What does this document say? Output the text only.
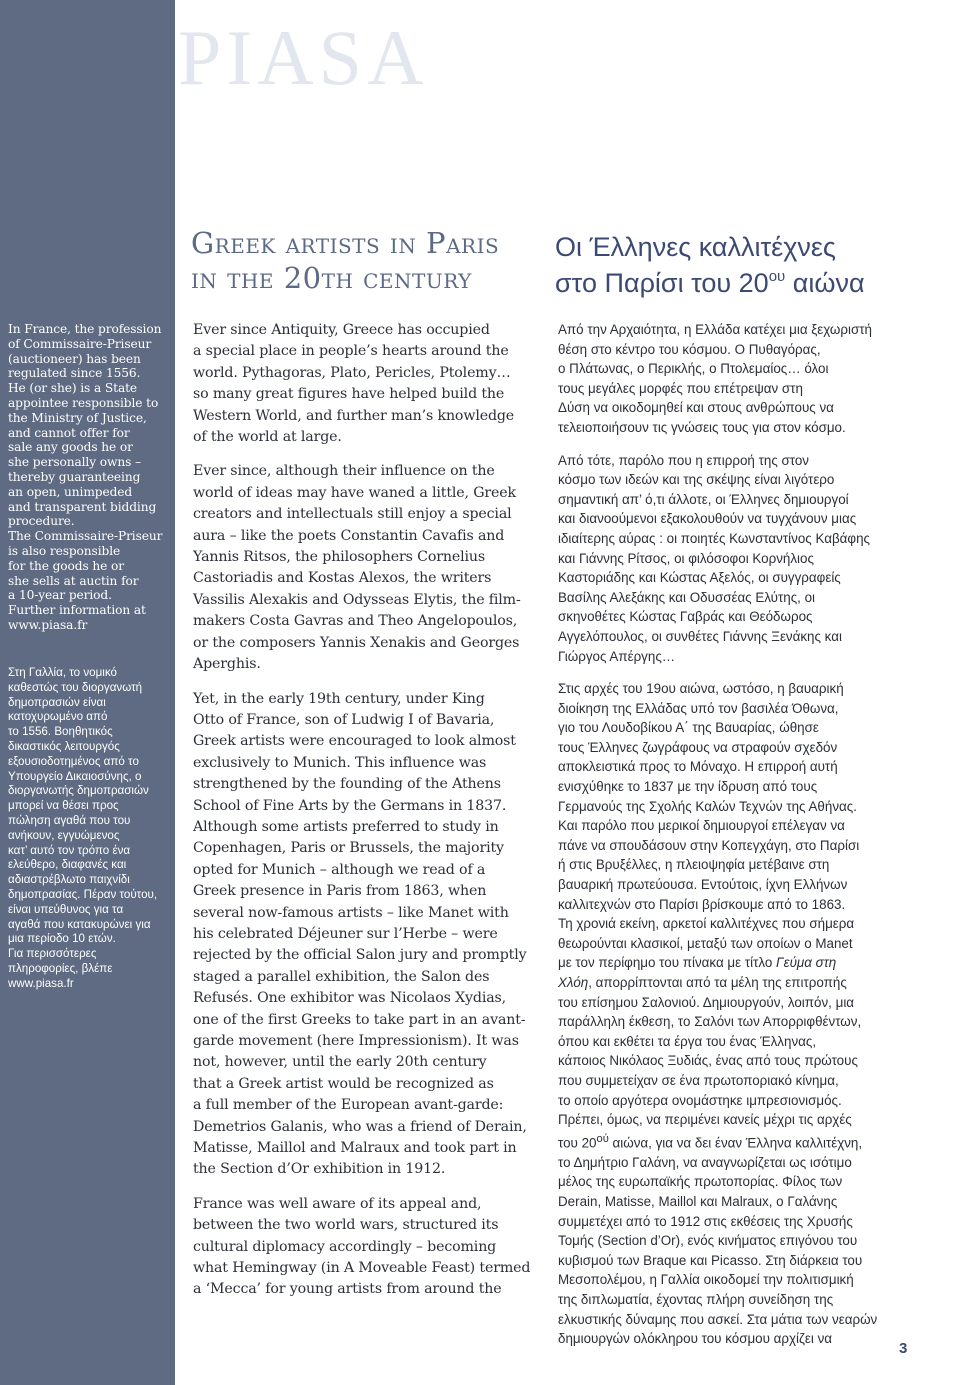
PIASA

In France, the profession
of Commissaire-Priseur
(auctioneer) has been
regulated since 1556.
He (or she) is a State
appointee responsible to
the Ministry of Justice,
and cannot offer for
sale any goods he or
she personally owns –
thereby guaranteeing
an open, unimpeded
and transparent bidding
procedure.
The Commissaire-Priseur
is also responsible
for the goods he or
she sells at auctin for
a 10-year period.
Further information at
www.piasa.fr

Στη Γαλλία, το νομικό
καθεστώς του διοργανωτή
δημοπρασιών είναι
κατοχυρωμένο από
το 1556. Βοηθητικός
δικαστικός λειτουργός
εξουσιοδοτημένος από το
Υπουργείο Δικαιοσύνης, ο
διοργανωτής δημοπρασιών
μπορεί να θέσει προς
πώληση αγαθά που του
ανήκουν, εγγυώμενος
κατ’ αυτό τον τρόπο ένα
ελεύθερο, διαφανές και
αδιαστρέβλωτο παιχνίδι
δημοπρασίας. Πέραν τούτου,
είναι υπεύθυνος για τα
αγαθά που κατακυρώνει για
μια περίοδο 10 ετών.
Για περισσότερες
πληροφορίες, βλέπε
www.piasa.fr

Greek artists in Paris
in the 20th century
Οι Έλληνες καλλιτέχνες
στο Παρίσι του $20^{o\upsilon}$ αιώνα

Ever since Antiquity, Greece has occupied
a special place in people’s hearts around the
world. Pythagoras, Plato, Pericles, Ptolemy…
so many great figures have helped build the
Western World, and further man’s knowledge
of the world at large.

Ever since, although their influence on the
world of ideas may have waned a little, Greek
creators and intellectuals still enjoy a special
aura – like the poets Constantin Cavafis and
Yannis Ritsos, the philosophers Cornelius
Castoriadis and Kostas Alexos, the writers
Vassilis Alexakis and Odysseas Elytis, the film-
makers Costa Gavras and Theo Angelopoulos,
or the composers Yannis Xenakis and Georges
Aperghis.

Yet, in the early 19th century, under King
Otto of France, son of Ludwig I of Bavaria,
Greek artists were encouraged to look almost
exclusively to Munich. This influence was
strengthened by the founding of the Athens
School of Fine Arts by the Germans in 1837.
Although some artists preferred to study in
Copenhagen, Paris or Brussels, the majority
opted for Munich – although we read of a
Greek presence in Paris from 1863, when
several now-famous artists – like Manet with
his celebrated Déjeuner sur l’Herbe – were
rejected by the official Salon jury and promptly
staged a parallel exhibition, the Salon des
Refusés. One exhibitor was Nicolaos Xydias,
one of the first Greeks to take part in an avant-
garde movement (here Impressionism). It was
not, however, until the early 20th century
that a Greek artist would be recognized as
a full member of the European avant-garde:
Demetrios Galanis, who was a friend of Derain,
Matisse, Maillol and Malraux and took part in
the Section d’Or exhibition in 1912.

France was well aware of its appeal and,
between the two world wars, structured its
cultural diplomacy accordingly – becoming
what Hemingway (in A Moveable Feast) termed
a ‘Mecca’ for young artists from around the

Από την Αρχαιότητα, η Ελλάδα κατέχει μια ξεχωριστή
θέση στο κέντρο του κόσμου. Ο Πυθαγόρας,
ο Πλάτωνας, ο Περικλής, ο Πτολεμαίος… όλοι
τους μεγάλες μορφές που επέτρεψαν στη
Δύση να οικοδομηθεί και στους ανθρώπους να
τελειοποιήσουν τις γνώσεις τους για στον κόσμο.

Από τότε, παρόλο που η επιρροή της στον
κόσμο των ιδεών και της σκέψης είναι λιγότερο
σημαντική απ’ ό,τι άλλοτε, οι Έλληνες δημιουργοί
και διανοούμενοι εξακολουθούν να τυγχάνουν μιας
ιδιαίτερης αύρας : οι ποιητές Κωνσταντίνος Καβάφης
και Γιάννης Ρίτσος, οι φιλόσοφοι Κορνήλιος
Καστοριάδης και Κώστας Αξελός, οι συγγραφείς
Βασίλης Αλεξάκης και Οδυσσέας Ελύτης, οι
σκηνοθέτες Κώστας Γαβράς και Θεόδωρος
Αγγελόπουλος, οι συνθέτες Γιάννης Ξενάκης και
Γιώργος Απέργης…

Στις αρχές του 19ου αιώνα, ωστόσο, η βαυαρική
διοίκηση της Ελλάδας υπό τον βασιλέα Όθωνα,
γιο του Λουδοβίκου Α΄ της Βαυαρίας, ώθησε
τους Έλληνες ζωγράφους να στραφούν σχεδόν
αποκλειστικά προς το Μόναχο. Η επιρροή αυτή
ενισχύθηκε το 1837 με την ίδρυση από τους
Γερμανούς της Σχολής Καλών Τεχνών της Αθήνας.
Και παρόλο που μερικοί δημιουργοί επέλεγαν να
πάνε να σπουδάσουν στην Κοπεγχάγη, στο Παρίσι
ή στις Βρυξέλλες, η πλειοψηφία μετέβαινε στη
βαυαρική πρωτεύουσα. Εντούτοις, ίχνη Ελλήνων
καλλιτεχνών στο Παρίσι βρίσκουμε από το 1863.
Τη χρονιά εκείνη, αρκετοί καλλιτέχνες που σήμερα
θεωρούνται κλασικοί, μεταξύ των οποίων ο Manet
με τον περίφημο του πίνακα με τίτλο Γεύμα στη
Χλόη, απορρίπτονται από τα μέλη της επιτροπής
του επίσημου Σαλονιού. Δημιουργούν, λοιπόν, μια
παράλληλη έκθεση, το Σαλόνι των Απορριφθέντων,
όπου και εκθέτει τα έργα του ένας Έλληνας,
κάποιος Νικόλαος Ξυδιάς, ένας από τους πρώτους
που συμμετείχαν σε ένα πρωτοποριακό κίνημα,
το οποίο αργότερα ονομάστηκε ιμπρεσιονισμός.
Πρέπει, όμως, να περιμένει κανείς μέχρι τις αρχές
του $20^{oύ}$ αιώνα, για να δει έναν Έλληνα καλλιτέχνη,
το Δημήτριο Γαλάνη, να αναγνωρίζεται ως ισότιμο
μέλος της ευρωπαϊκής πρωτοπορίας. Φίλος των
Derain, Matisse, Maillol και Malraux, ο Γαλάνης
συμμετέχει από το 1912 στις εκθέσεις της Χρυσής
Τομής (Section d’Or), ενός κινήματος επιγόνου του
κυβισμού των Braque και Picasso. Στη διάρκεια του
Μεσοπολέμου, η Γαλλία οικοδομεί την πολιτισμική
της διπλωματία, έχοντας πλήρη συνείδηση της
ελκυστικής δύναμης που ασκεί. Στα μάτια των νεαρών
δημιουργών ολόκληρου του κόσμου αρχίζει να

3
